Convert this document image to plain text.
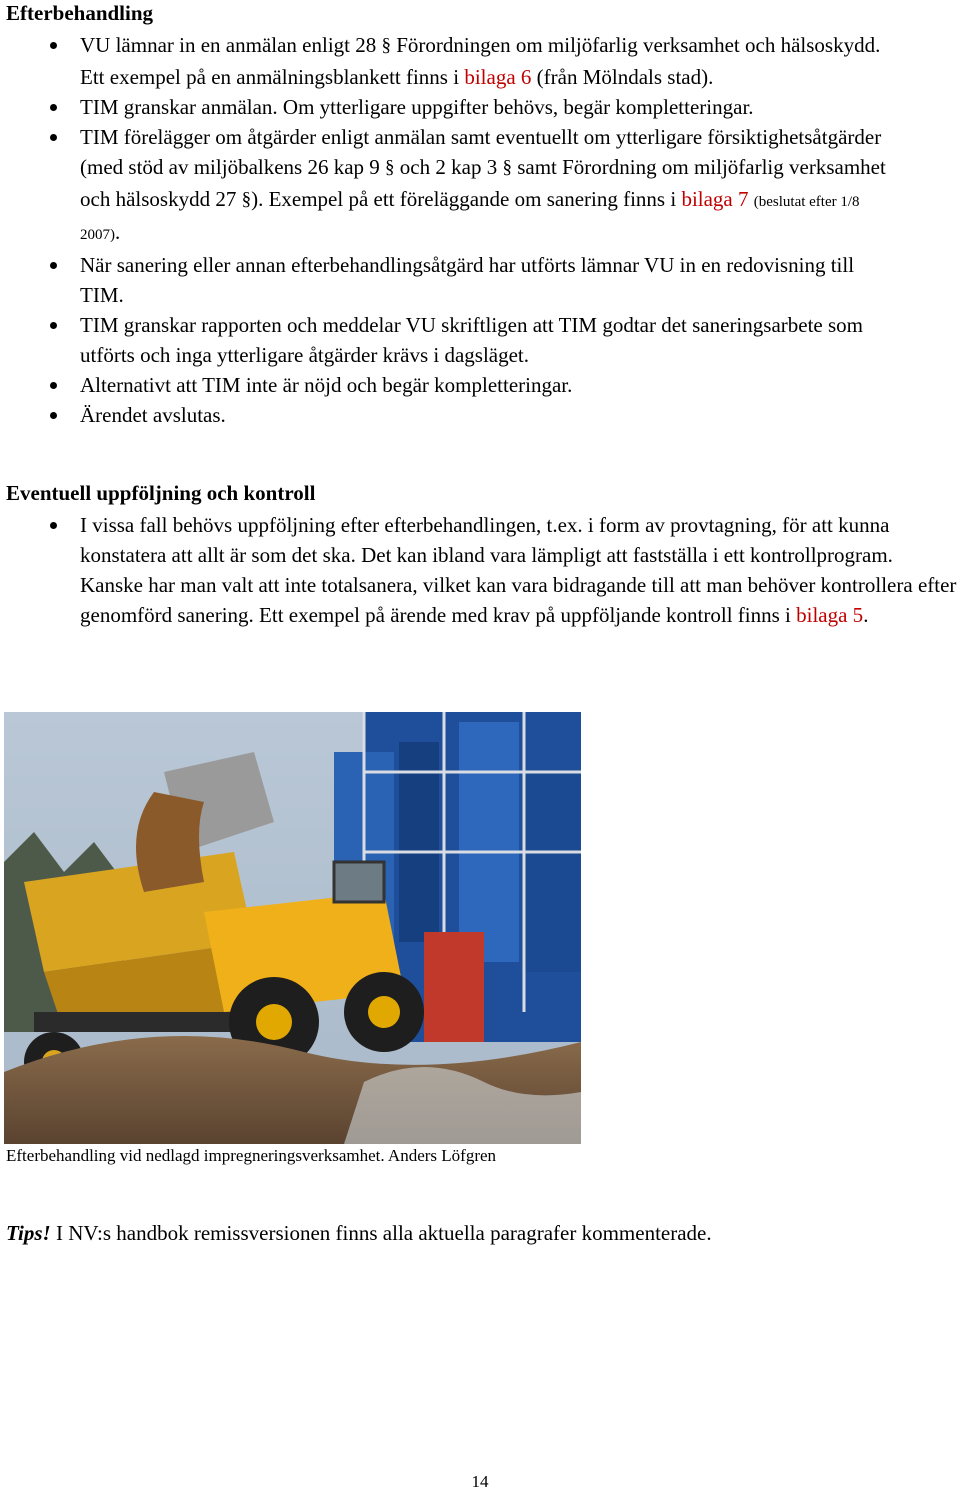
Efterbehandling
VU lämnar in en anmälan enligt 28 § Förordningen om miljöfarlig verksamhet och hälsoskydd. Ett exempel på en anmälningsblankett finns i bilaga 6 (från Mölndals stad).
TIM granskar anmälan. Om ytterligare uppgifter behövs, begär kompletteringar.
TIM förelägger om åtgärder enligt anmälan samt eventuellt om ytterligare försiktighetsåtgärder (med stöd av miljöbalkens 26 kap 9 § och 2 kap 3 § samt Förordning om miljöfarlig verksamhet och hälsoskydd 27 §). Exempel på ett föreläggande om sanering finns i bilaga 7 (beslutat efter 1/8 2007).
När sanering eller annan efterbehandlingsåtgärd har utförts lämnar VU in en redovisning till TIM.
TIM granskar rapporten och meddelar VU skriftligen att TIM godtar det saneringsarbete som utförts och inga ytterligare åtgärder krävs i dagsläget.
Alternativt att TIM inte är nöjd och begär kompletteringar.
Ärendet avslutas.
Eventuell uppföljning och kontroll
I vissa fall behövs uppföljning efter efterbehandlingen, t.ex. i form av provtagning, för att kunna konstatera att allt är som det ska. Det kan ibland vara lämpligt att fastställa i ett kontrollprogram. Kanske har man valt att inte totalsanera, vilket kan vara bidragande till att man behöver kontrollera efter genomförd sanering. Ett exempel på ärende med krav på uppföljande kontroll finns i bilaga 5.
Efterbehandling vid nedlagd impregneringsverksamhet. Anders Löfgren
Tips! I NV:s handbok remissversionen finns alla aktuella paragrafer kommenterade.
14
